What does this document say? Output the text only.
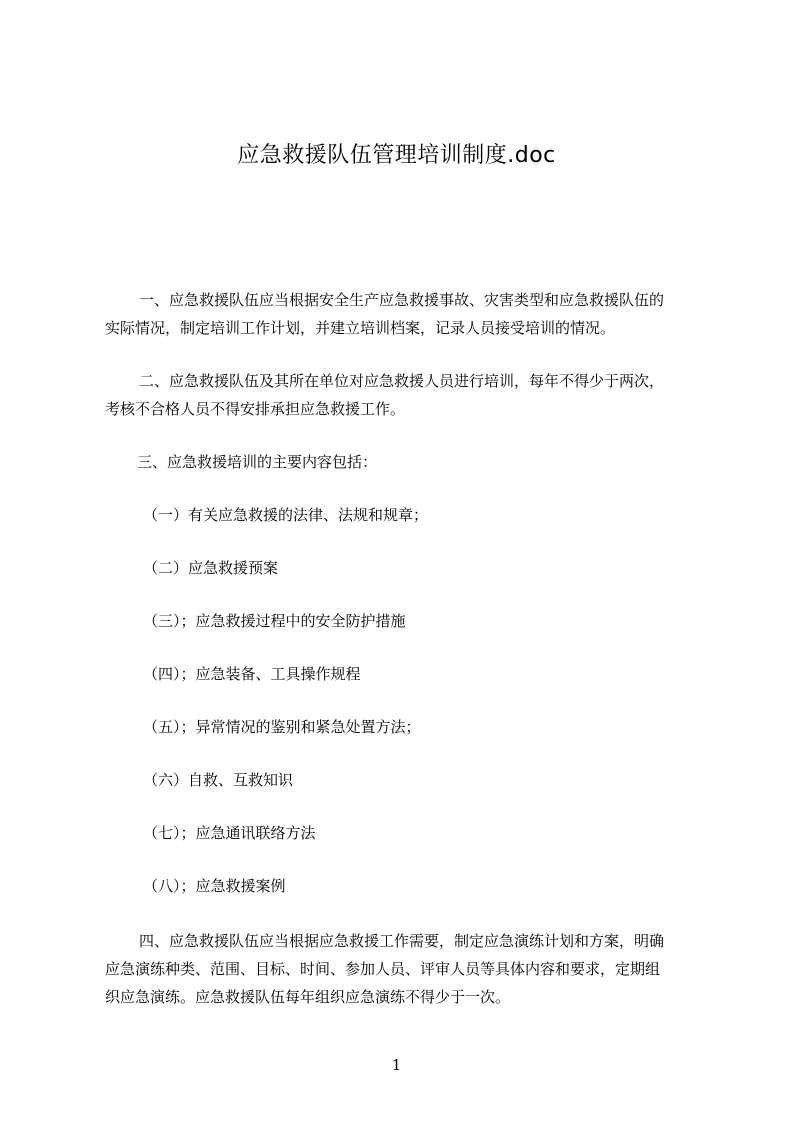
应急救援队伍管理培训制度.doc
一、应急救援队伍应当根据安全生产应急救援事故、灾害类型和应急救援队伍的
实际情况，制定培训工作计划，并建立培训档案，记录人员接受培训的情况。
二、应急救援队伍及其所在单位对应急救援人员进行培训，每年不得少于两次，
考核不合格人员不得安排承担应急救援工作。
三、应急救援培训的主要内容包括：
（一）有关应急救援的法律、法规和规章；
（二）应急救援预案
（三）；应急救援过程中的安全防护措施
（四）；应急装备、工具操作规程
（五）；异常情况的鉴别和紧急处置方法；
（六）自救、互救知识
（七）；应急通讯联络方法
（八）；应急救援案例
四、应急救援队伍应当根据应急救援工作需要，制定应急演练计划和方案，明确
应急演练种类、范围、目标、时间、参加人员、评审人员等具体内容和要求，定期组
织应急演练。应急救援队伍每年组织应急演练不得少于一次。
1
